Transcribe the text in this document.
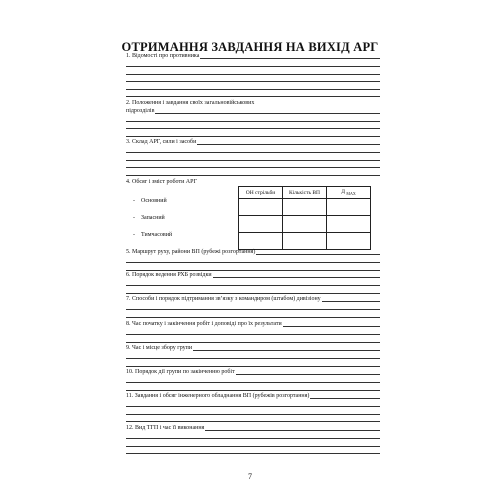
ОТРИМАННЯ ЗАВДАННЯ НА ВИХІД АРГ
1. Відомості про противника
2. Положення і завдання своїх загальновійськових
підрозділів
3. Склад АРГ, сили і засоби
4. Обсяг і зміст роботи АРГ
ОН стрільби	Кількість ВП	Д $_{МАХ}$

-    Основний
-    Запасний
-    Тимчасовий
5. Маршрут руху, райони ВП (рубежі розгортання)
6. Порядок ведення РХБ розвідки
7. Способи і порядок підтримання зв’язку з командиром (штабом) дивізіону
8. Час початку і закінчення робіт і доповіді про їх результати
9. Час і місце збору групи
10. Порядок дії групи по закінченню робіт
11. Завдання і обсяг інженерного обладнання ВП (рубежів розгортання)
12. Вид ТГП і час її виконання
7
